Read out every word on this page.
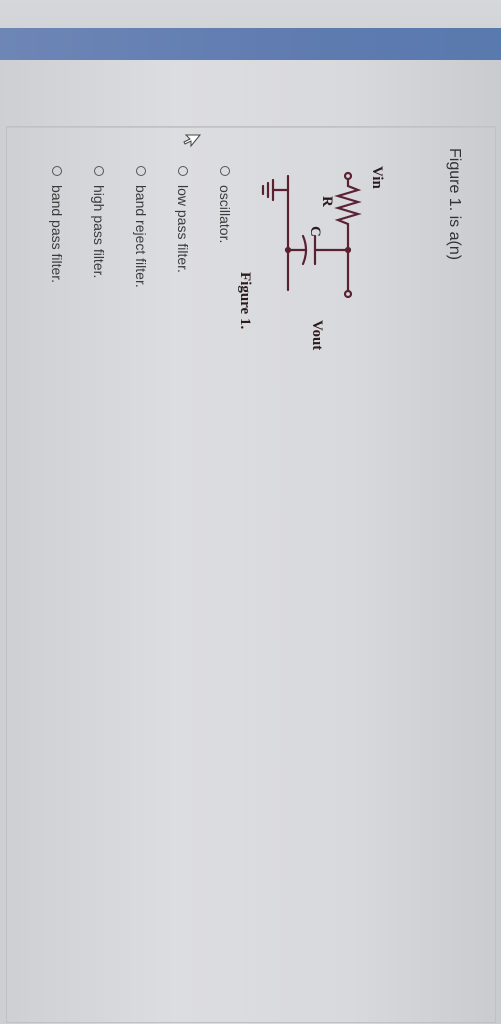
Figure 1. is a(n)
Vin
R
C
Vout
Figure 1.
oscillator.
low pass filter.
band reject filter.
high pass filter.
band pass filter.
